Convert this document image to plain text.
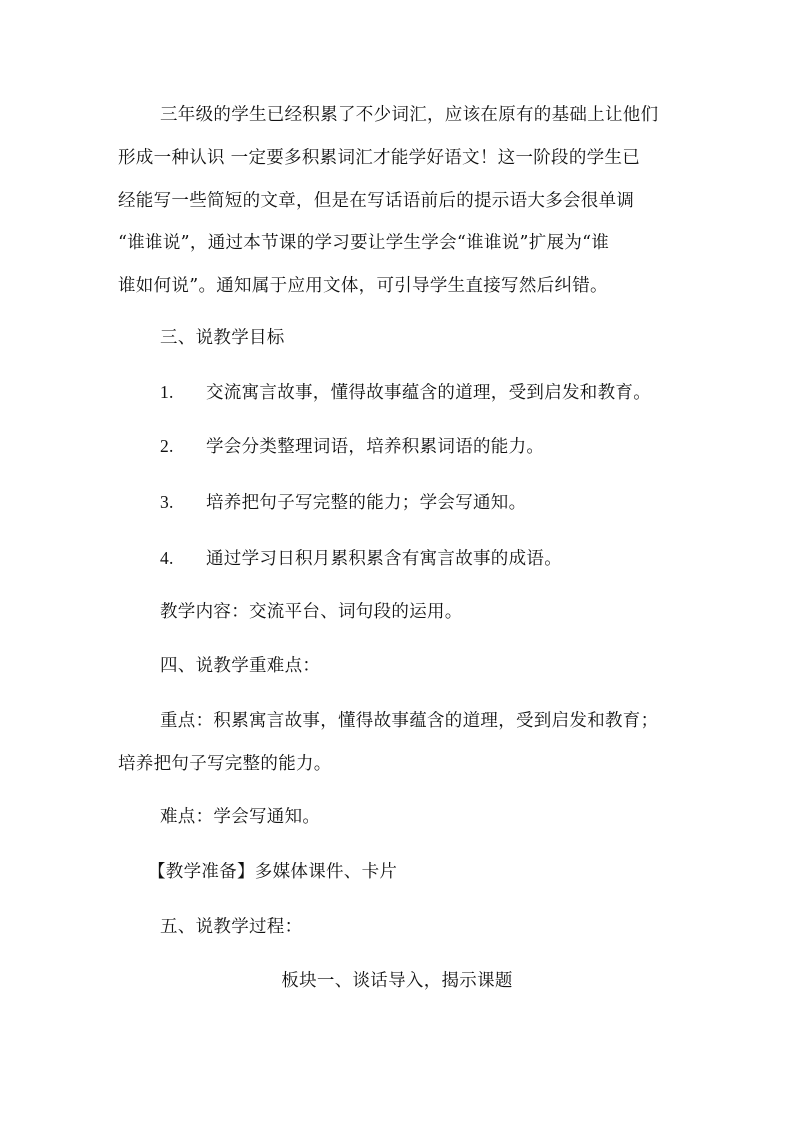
三年级的学生已经积累了不少词汇，应该在原有的基础上让他们
形成一种认识 一定要多积累词汇才能学好语文！这一阶段的学生已
经能写一些简短的文章，但是在写话语前后的提示语大多会很单调
“谁谁说”，通过本节课的学习要让学生学会“谁谁说”扩展为“谁
谁如何说”。通知属于应用文体，可引导学生直接写然后纠错。
三、说教学目标
1. 交流寓言故事，懂得故事蕴含的道理，受到启发和教育。
2. 学会分类整理词语，培养积累词语的能力。
3. 培养把句子写完整的能力；学会写通知。
4. 通过学习日积月累积累含有寓言故事的成语。
教学内容：交流平台、词句段的运用。
四、说教学重难点：
重点：积累寓言故事，懂得故事蕴含的道理，受到启发和教育；
培养把句子写完整的能力。
难点：学会写通知。
【教学准备】多媒体课件、卡片
五、说教学过程：
板块一、谈话导入，揭示课题
